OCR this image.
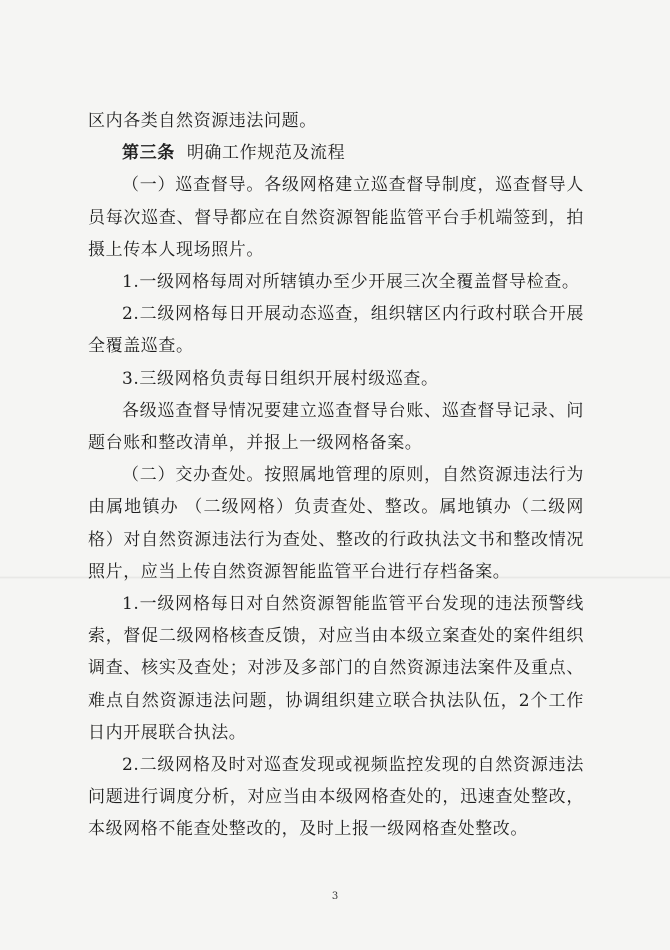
区内各类自然资源违法问题。

第三条 明确工作规范及流程

（一）巡查督导。各级网格建立巡查督导制度，巡查督导人员每次巡查、督导都应在自然资源智能监管平台手机端签到，拍摄上传本人现场照片。

1.一级网格每周对所辖镇办至少开展三次全覆盖督导检查。

2.二级网格每日开展动态巡查，组织辖区内行政村联合开展全覆盖巡查。

3.三级网格负责每日组织开展村级巡查。

各级巡查督导情况要建立巡查督导台账、巡查督导记录、问题台账和整改清单，并报上一级网格备案。

（二）交办查处。按照属地管理的原则，自然资源违法行为由属地镇办 （二级网格）负责查处、整改。属地镇办（二级网格）对自然资源违法行为查处、整改的行政执法文书和整改情况照片，应当上传自然资源智能监管平台进行存档备案。

1.一级网格每日对自然资源智能监管平台发现的违法预警线索，督促二级网格核查反馈，对应当由本级立案查处的案件组织调查、核实及查处；对涉及多部门的自然资源违法案件及重点、难点自然资源违法问题，协调组织建立联合执法队伍，2个工作日内开展联合执法。

2.二级网格及时对巡查发现或视频监控发现的自然资源违法问题进行调度分析，对应当由本级网格查处的，迅速查处整改，本级网格不能查处整改的，及时上报一级网格查处整改。

3
